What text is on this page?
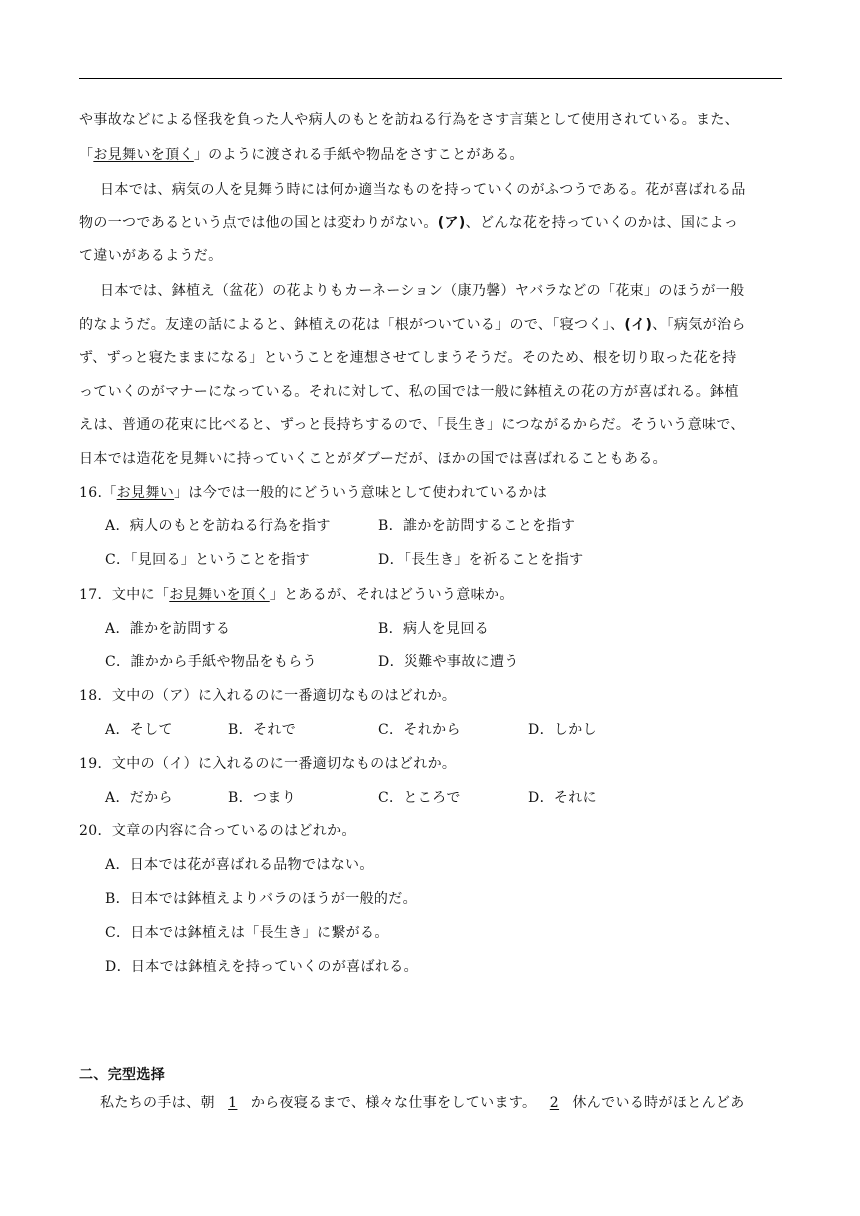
や事故などによる怪我を負った人や病人のもとを訪ねる行為をさす言葉として使用されている。また、
「お見舞いを頂く」のように渡される手紙や物品をさすことがある。
日本では、病気の人を見舞う時には何か適当なものを持っていくのがふつうである。花が喜ばれる品
物の一つであるという点では他の国とは変わりがない。(ア)、どんな花を持っていくのかは、国によっ
て違いがあるようだ。
日本では、鉢植え（盆花）の花よりもカーネーション（康乃馨）ヤバラなどの「花束」のほうが一般
的なようだ。友達の話によると、鉢植えの花は「根がついている」ので、「寝つく」、(イ)、「病気が治ら
ず、ずっと寝たままになる」ということを連想させてしまうそうだ。そのため、根を切り取った花を持
っていくのがマナーになっている。それに対して、私の国では一般に鉢植えの花の方が喜ばれる。鉢植
えは、普通の花束に比べると、ずっと長持ちするので、「長生き」につながるからだ。そういう意味で、
日本では造花を見舞いに持っていくことがダブーだが、ほかの国では喜ばれることもある。
16.「お見舞い」は今では一般的にどういう意味として使われているかは
A．病人のもとを訪ねる行為を指す	B．誰かを訪問することを指す
C．「見回る」ということを指す	D．「長生き」を祈ることを指す
17．文中に「お見舞いを頂く」とあるが、それはどういう意味か。
A．誰かを訪問する	B．病人を見回る
C．誰かから手紙や物品をもらう	D．災難や事故に遭う
18．文中の（ア）に入れるのに一番適切なものはどれか。
A．そして	B．それで	C．それから	D．しかし
19．文中の（イ）に入れるのに一番適切なものはどれか。
A．だから	B．つまり	C．ところで	D．それに
20．文章の内容に合っているのはどれか。
A．日本では花が喜ばれる品物ではない。
B．日本では鉢植えよりバラのほうが一般的だ。
C．日本では鉢植えは「長生き」に繋がる。
D．日本では鉢植えを持っていくのが喜ばれる。
二、完型选择
私たちの手は、朝 1 から夜寝るまで、様々な仕事をしています。 2 休んでいる時がほとんどあ
